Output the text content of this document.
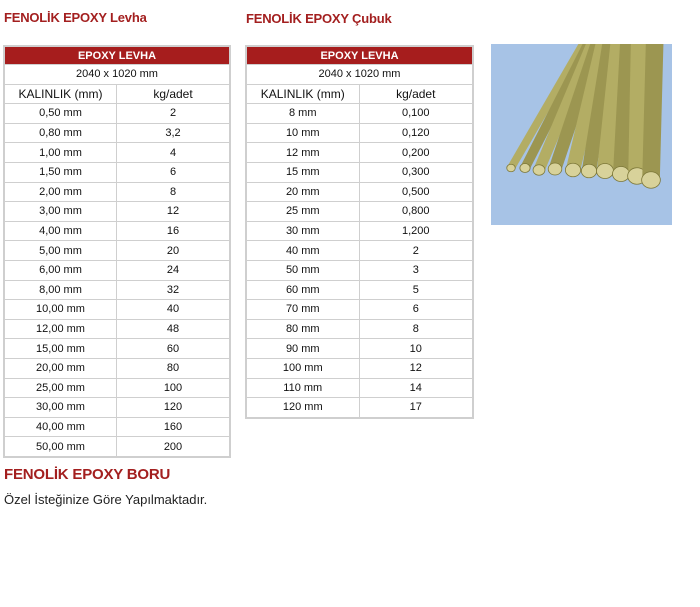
FENOLİK EPOXY Levha	FENOLİK EPOXY Çubuk
EPOXY LEVHA	
2040 x 1020 mm	
KALINLIK (mm)	kg/adet
0,50 mm	2
0,80 mm	3,2
1,00 mm	4
1,50 mm	6
2,00 mm	8
3,00 mm	12
4,00 mm	16
5,00 mm	20
6,00 mm	24
8,00 mm	32
10,00 mm	40
12,00 mm	48
15,00 mm	60
20,00 mm	80
25,00 mm	100
30,00 mm	120
40,00 mm	160
50,00 mm	200
EPOXY LEVHA	
2040 x 1020 mm	
KALINLIK (mm)	kg/adet
8 mm	0,100
10 mm	0,120
12 mm	0,200
15 mm	0,300
20 mm	0,500
25 mm	0,800
30 mm	1,200
40 mm	2
50 mm	3
60 mm	5
70 mm	6
80 mm	8
90 mm	10
100 mm	12
110 mm	14
120 mm	17
FENOLİK EPOXY BORU
Özel İsteğinize Göre Yapılmaktadır.
